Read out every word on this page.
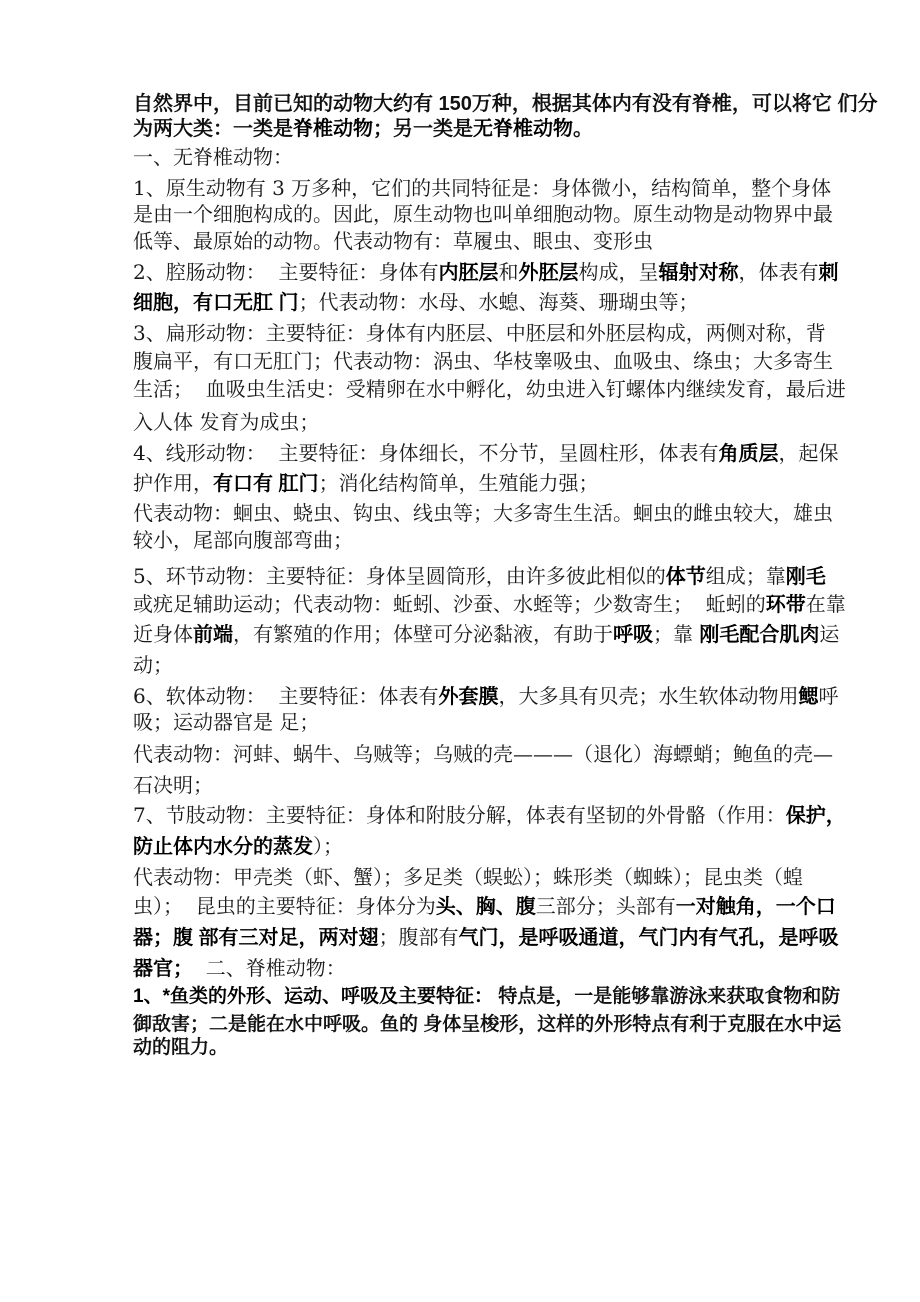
自然界中，目前已知的动物大约有 150万种，根据其体内有没有脊椎，可以将它 们分
为两大类：一类是脊椎动物；另一类是无脊椎动物。
一、无脊椎动物：
1、原生动物有 3 万多种，它们的共同特征是：身体微小，结构简单，整个身体
是由一个细胞构成的。因此，原生动物也叫单细胞动物。原生动物是动物界中最
低等、最原始的动物。代表动物有：草履虫、眼虫、变形虫
2、腔肠动物：  主要特征：身体有内胚层和外胚层构成，呈辐射对称，体表有刺
细胞，有口无肛 门；代表动物：水母、水螅、海葵、珊瑚虫等；
3、扁形动物：主要特征：身体有内胚层、中胚层和外胚层构成，两侧对称，背
腹扁平，有口无肛门；代表动物：涡虫、华枝睾吸虫、血吸虫、绦虫；大多寄生
生活；  血吸虫生活史：受精卵在水中孵化，幼虫进入钉螺体内继续发育，最后进
入人体 发育为成虫；
4、线形动物：  主要特征：身体细长，不分节，呈圆柱形，体表有角质层，起保
护作用，有口有 肛门；消化结构简单，生殖能力强；
代表动物：蛔虫、蛲虫、钩虫、线虫等；大多寄生生活。蛔虫的雌虫较大，雄虫
较小，尾部向腹部弯曲；
5、环节动物：主要特征：身体呈圆筒形，由许多彼此相似的体节组成；靠刚毛
或疣足辅助运动；代表动物：蚯蚓、沙蚕、水蛭等；少数寄生；  蚯蚓的环带在靠
近身体前端，有繁殖的作用；体壁可分泌黏液，有助于呼吸；靠 刚毛配合肌肉运
动；
6、软体动物：  主要特征：体表有外套膜，大多具有贝壳；水生软体动物用鳃呼
吸；运动器官是 足；
代表动物：河蚌、蜗牛、乌贼等；乌贼的壳———（退化）海螵蛸；鲍鱼的壳—
石决明；
7、节肢动物：主要特征：身体和附肢分解，体表有坚韧的外骨骼（作用：保护，
防止体内水分的蒸发）；
代表动物：甲壳类（虾、蟹）；多足类（蜈蚣）；蛛形类（蜘蛛）；昆虫类（蝗
虫）；  昆虫的主要特征：身体分为头、胸、腹三部分；头部有一对触角，一个口
器；腹 部有三对足，两对翅；腹部有气门，是呼吸通道，气门内有气孔，是呼吸
器官；  二、脊椎动物：
1、*鱼类的外形、运动、呼吸及主要特征： 特点是，一是能够靠游泳来获取食物和防
御敌害；二是能在水中呼吸。鱼的 身体呈梭形，这样的外形特点有利于克服在水中运
动的阻力。
